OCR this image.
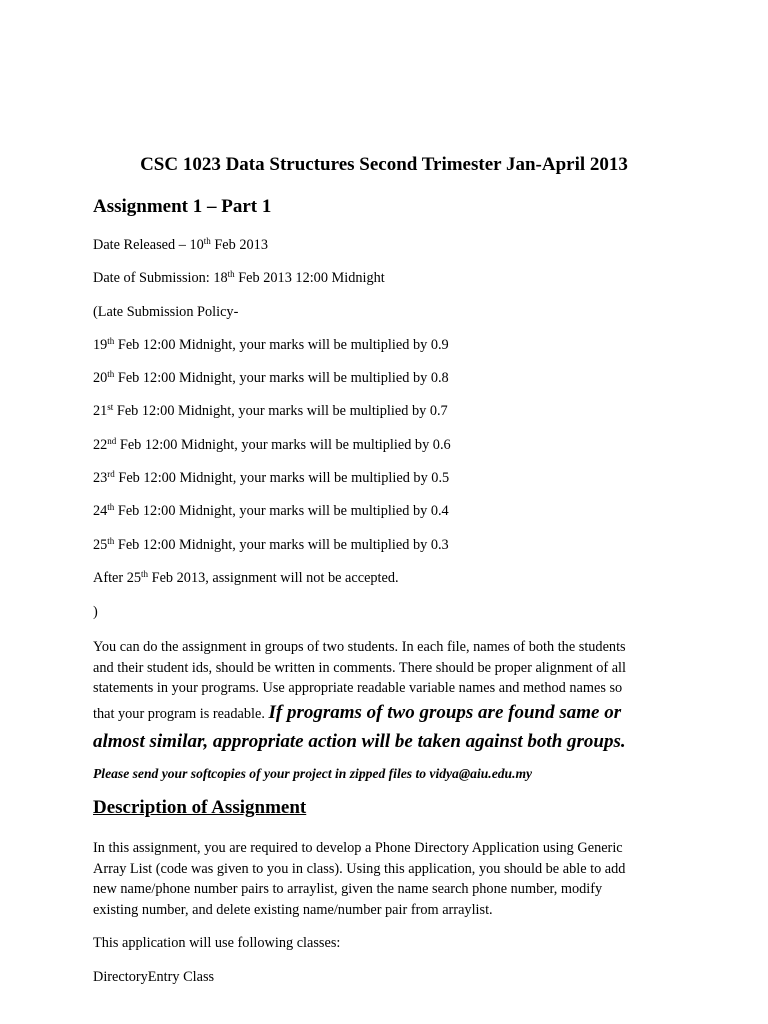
CSC 1023 Data Structures Second Trimester Jan-April 2013
Assignment 1 – Part 1
Date Released – 10th Feb 2013
Date of Submission: 18th Feb 2013 12:00 Midnight
(Late Submission Policy-
19th Feb 12:00 Midnight, your marks will be multiplied by 0.9
20th Feb 12:00 Midnight, your marks will be multiplied by 0.8
21st Feb 12:00 Midnight, your marks will be multiplied by 0.7
22nd Feb 12:00 Midnight, your marks will be multiplied by 0.6
23rd Feb 12:00 Midnight, your marks will be multiplied by 0.5
24th Feb 12:00 Midnight, your marks will be multiplied by 0.4
25th Feb 12:00 Midnight, your marks will be multiplied by 0.3
After 25th Feb 2013, assignment will not be accepted.
)
You can do the assignment in groups of two students. In each file, names of both the students
and their student ids, should be written in comments. There should be proper alignment of all
statements in your programs. Use appropriate readable variable names and method names so
that your program is readable. If programs of two groups are found same or
almost similar, appropriate action will be taken against both groups.
Please send your softcopies of your project in zipped files to vidya@aiu.edu.my
Description of Assignment
In this assignment, you are required to develop a Phone Directory Application using Generic
Array List (code was given to you in class). Using this application, you should be able to add
new name/phone number pairs to arraylist, given the name search phone number, modify
existing number, and delete existing name/number pair from arraylist.
This application will use following classes:
DirectoryEntry Class
